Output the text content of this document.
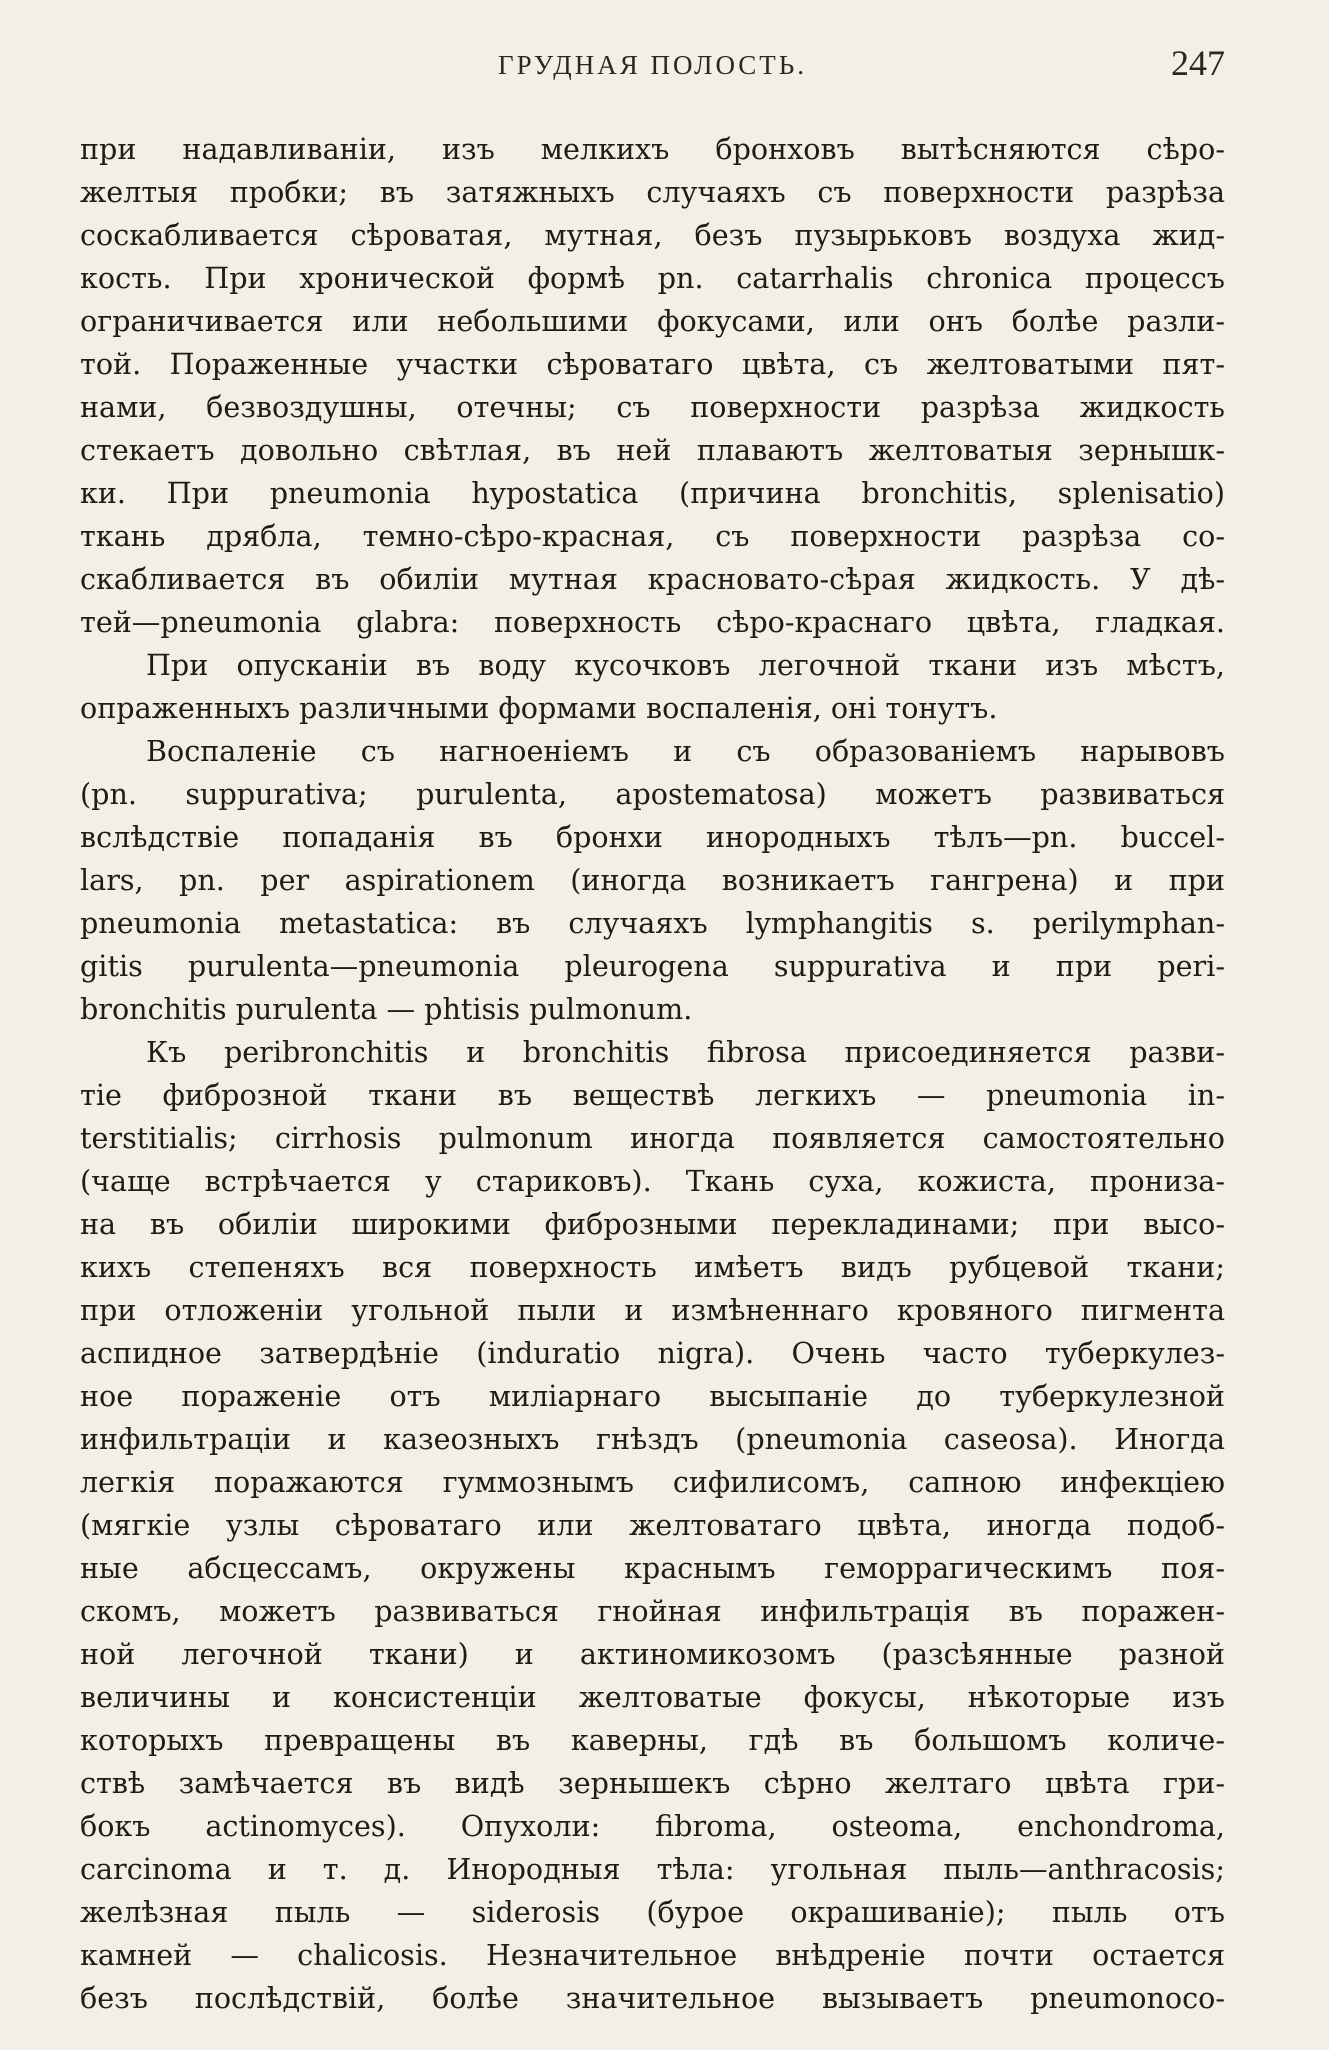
ГРУДНАЯ ПОЛОСТЬ.	247
при надавливанiи, изъ мелкихъ бронховъ вытѣсняются сѣро-
желтыя пробки; въ затяжныхъ случаяхъ съ поверхности разрѣза
соскабливается сѣроватая, мутная, безъ пузырьковъ воздуха жид-
кость. При хронической формѣ pn. catarrhalis chronica процессъ
ограничивается или небольшими фокусами, или онъ болѣе разли-
той. Пораженные участки сѣроватаго цвѣта, съ желтоватыми пят-
нами, безвоздушны, отечны; съ поверхности разрѣза жидкость
стекаетъ довольно свѣтлая, въ ней плаваютъ желтоватыя зернышк-
ки. При pneumonia hypostatica (причина bronchitis, splenisatio)
ткань дрябла, темно-сѣро-красная, съ поверхности разрѣза со-
скабливается въ обилiи мутная красновато-сѣрая жидкость. У дѣ-
тей—pneumonia glabra: поверхность сѣро-краснаго цвѣта, гладкая.
При опусканiи въ воду кусочковъ легочной ткани изъ мѣстъ,
опраженныхъ различными формами воспаленiя, онi тонутъ.
Воспаленiе съ нагноенiемъ и съ образованiемъ нарывовъ
(pn. suppurativa; purulenta, apostematosa) можетъ развиваться
вслѣдствiе попаданiя въ бронхи инородныхъ тѣлъ—pn. buccel-
lars, pn. per aspirationem (иногда возникаетъ гангрена) и при
pneumonia metastatica: въ случаяхъ lymphangitis s. perilymphan-
gitis purulenta—pneumonia pleurogena suppurativa и при peri-
bronchitis purulenta — phtisis pulmonum.
Къ peribronchitis и bronchitis fibrosa присоединяется разви-
тiе фиброзной ткани въ веществѣ легкихъ — pneumonia in-
terstitialis; cirrhosis pulmonum иногда появляется самостоятельно
(чаще встрѣчается у стариковъ). Ткань суха, кожиста, прониза-
на въ обилiи широкими фиброзными перекладинами; при высо-
кихъ степеняхъ вся поверхность имѣетъ видъ рубцевой ткани;
при отложенiи угольной пыли и измѣненнаго кровяного пигмента
аспидное затвердѣнiе (induratio nigra). Очень часто туберкулез-
ное пораженiе отъ милiарнаго высыпанiе до туберкулезной
инфильтрацiи и казеозныхъ гнѣздъ (pneumonia caseosa). Иногда
легкiя поражаются гуммознымъ сифилисомъ, сапною инфекцiею
(мягкiе узлы сѣроватаго или желтоватаго цвѣта, иногда подоб-
ные абсцессамъ, окружены краснымъ геморрагическимъ поя-
скомъ, можетъ развиваться гнойная инфильтрацiя въ поражен-
ной легочной ткани) и актиномикозомъ (разсѣянные разной
величины и консистенцiи желтоватые фокусы, нѣкоторые изъ
которыхъ превращены въ каверны, гдѣ въ большомъ количе-
ствѣ замѣчается въ видѣ зернышекъ сѣрно желтаго цвѣта гри-
бокъ actinomyces). Опухоли: fibroma, osteoma, enchondroma,
carcinoma и т. д. Инородныя тѣла: угольная пыль—anthracosis;
желѣзная пыль — siderosis (бурое окрашиванiе); пыль отъ
камней — chalicosis. Незначительное внѣдренiе почти остается
безъ послѣдствiй, болѣе значительное вызываетъ pneumonoco-
